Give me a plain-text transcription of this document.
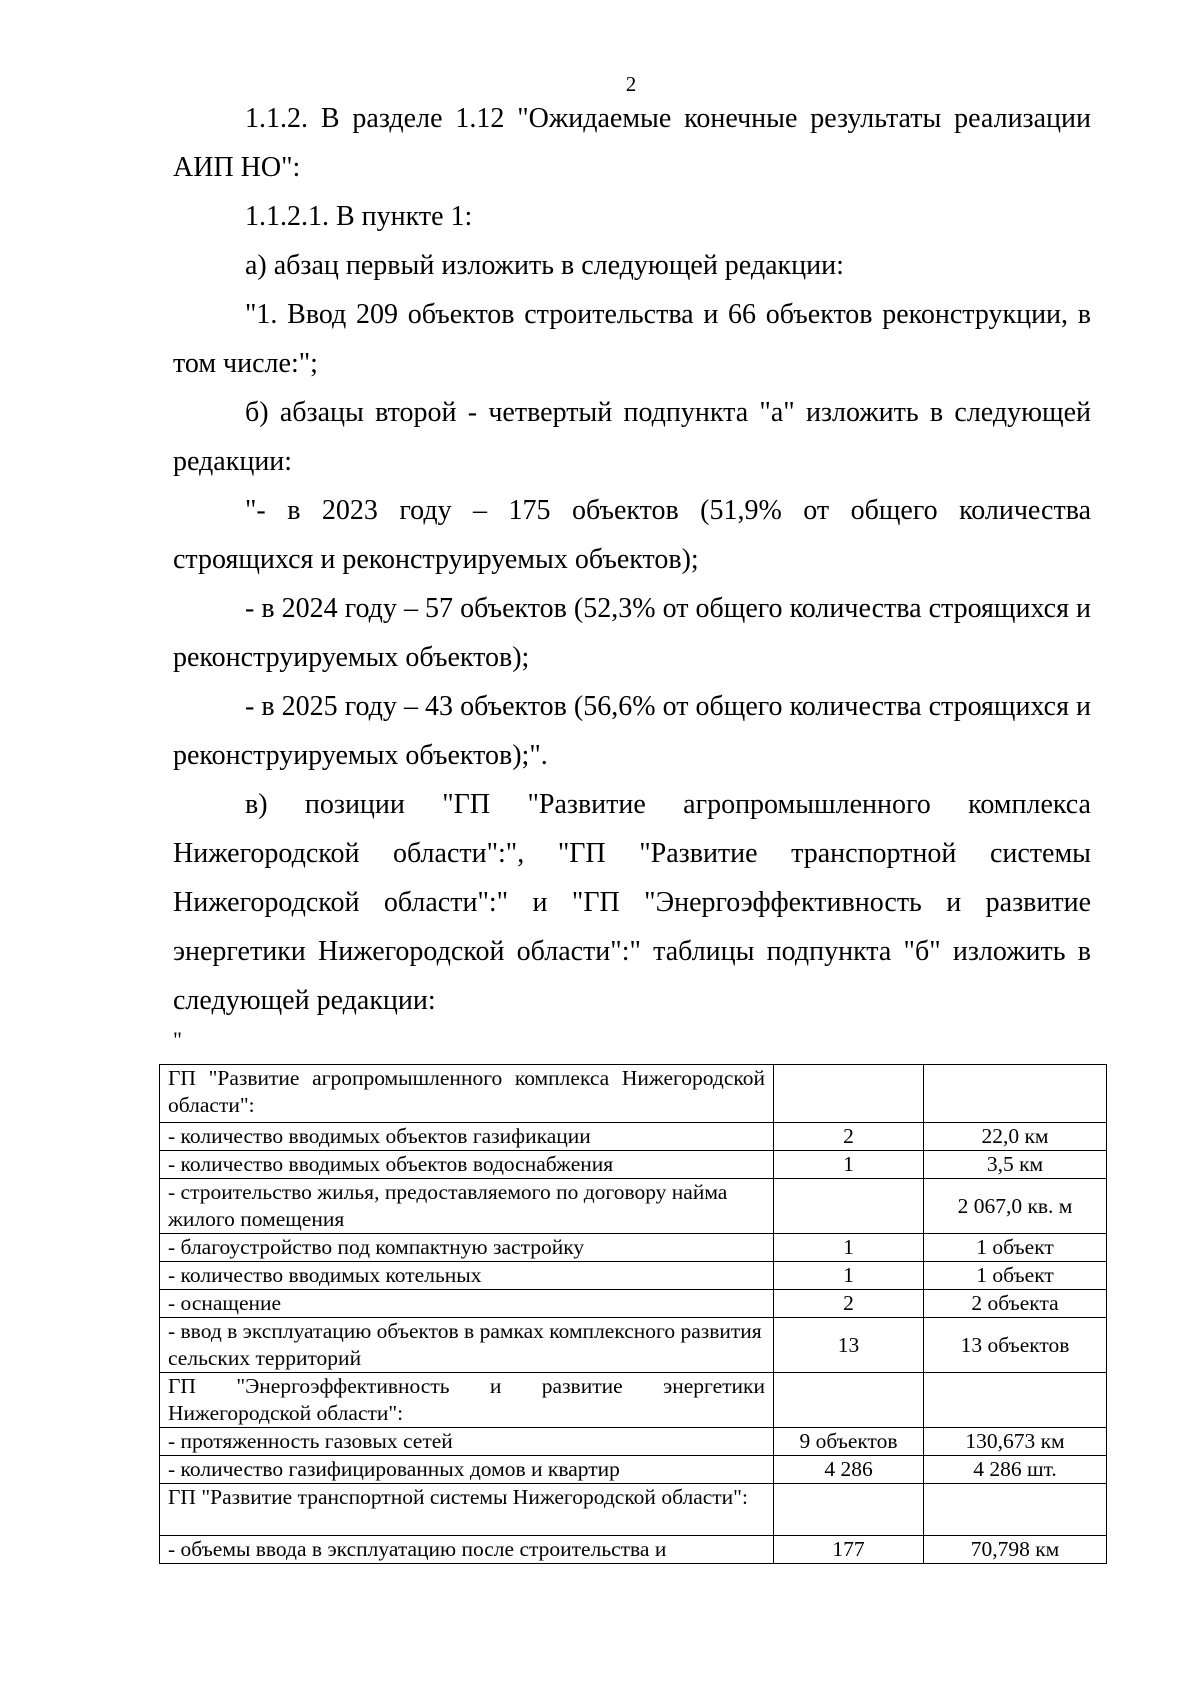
2

1.1.2. В разделе 1.12 "Ожидаемые конечные результаты реализации АИП НО":

1.1.2.1. В пункте 1:

а) абзац первый изложить в следующей редакции:

"1. Ввод 209 объектов строительства и 66 объектов реконструкции, в том числе:";

б) абзацы второй - четвертый подпункта "а" изложить в следующей редакции:

"- в 2023 году – 175 объектов (51,9% от общего количества строящихся и реконструируемых объектов);

- в 2024 году – 57 объектов (52,3% от общего количества строящихся и реконструируемых объектов);

- в 2025 году – 43 объектов (56,6% от общего количества строящихся и реконструируемых объектов);".

в) позиции "ГП "Развитие агропромышленного комплекса Нижегородской области":", "ГП "Развитие транспортной системы Нижегородской области":" и "ГП "Энергоэффективность и развитие энергетики Нижегородской области":" таблицы подпункта "б" изложить в следующей редакции:

"
ГП "Развитие агропромышленного комплекса Нижегородской области":		
- количество вводимых объектов газификации	2	22,0 км
- количество вводимых объектов водоснабжения	1	3,5 км
- строительство жилья, предоставляемого по договору найма жилого помещения		2 067,0 кв. м
- благоустройство под компактную застройку	1	1 объект
- количество вводимых котельных	1	1 объект
- оснащение	2	2 объекта
- ввод в эксплуатацию объектов в рамках комплексного развития сельских территорий	13	13 объектов
ГП "Энергоэффективность и развитие энергетики Нижегородской области":		
- протяженность газовых сетей	9 объектов	130,673 км
- количество газифицированных домов и квартир	4 286	4 286 шт.
ГП "Развитие транспортной системы Нижегородской области":		
- объемы ввода в эксплуатацию после строительства и	177	70,798 км
